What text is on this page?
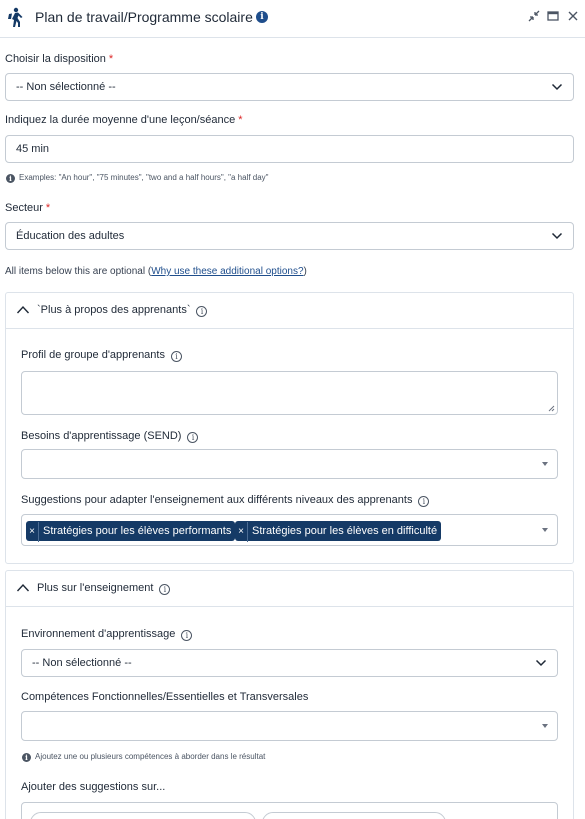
Plan de travail/Programme scolaire i
Choisir la disposition *
-- Non sélectionné --
Indiquez la durée moyenne d'une leçon/séance *
45 min
i Examples: "An hour", "75 minutes", "two and a half hours", "a half day"
Secteur *
Éducation des adultes
All items below this are optional (Why use these additional options?)
`Plus à propos des apprenants` i
Profil de groupe d'apprenants i
Besoins d'apprentissage (SEND) i
Suggestions pour adapter l'enseignement aux différents niveaux des apprenants i
× Stratégies pour les élèves performants × Stratégies pour les élèves en difficulté
Plus sur l'enseignement i
Environnement d'apprentissage i
-- Non sélectionné --
Compétences Fonctionnelles/Essentielles et Transversales
i Ajoutez une ou plusieurs compétences à aborder dans le résultat
Ajouter des suggestions sur...
